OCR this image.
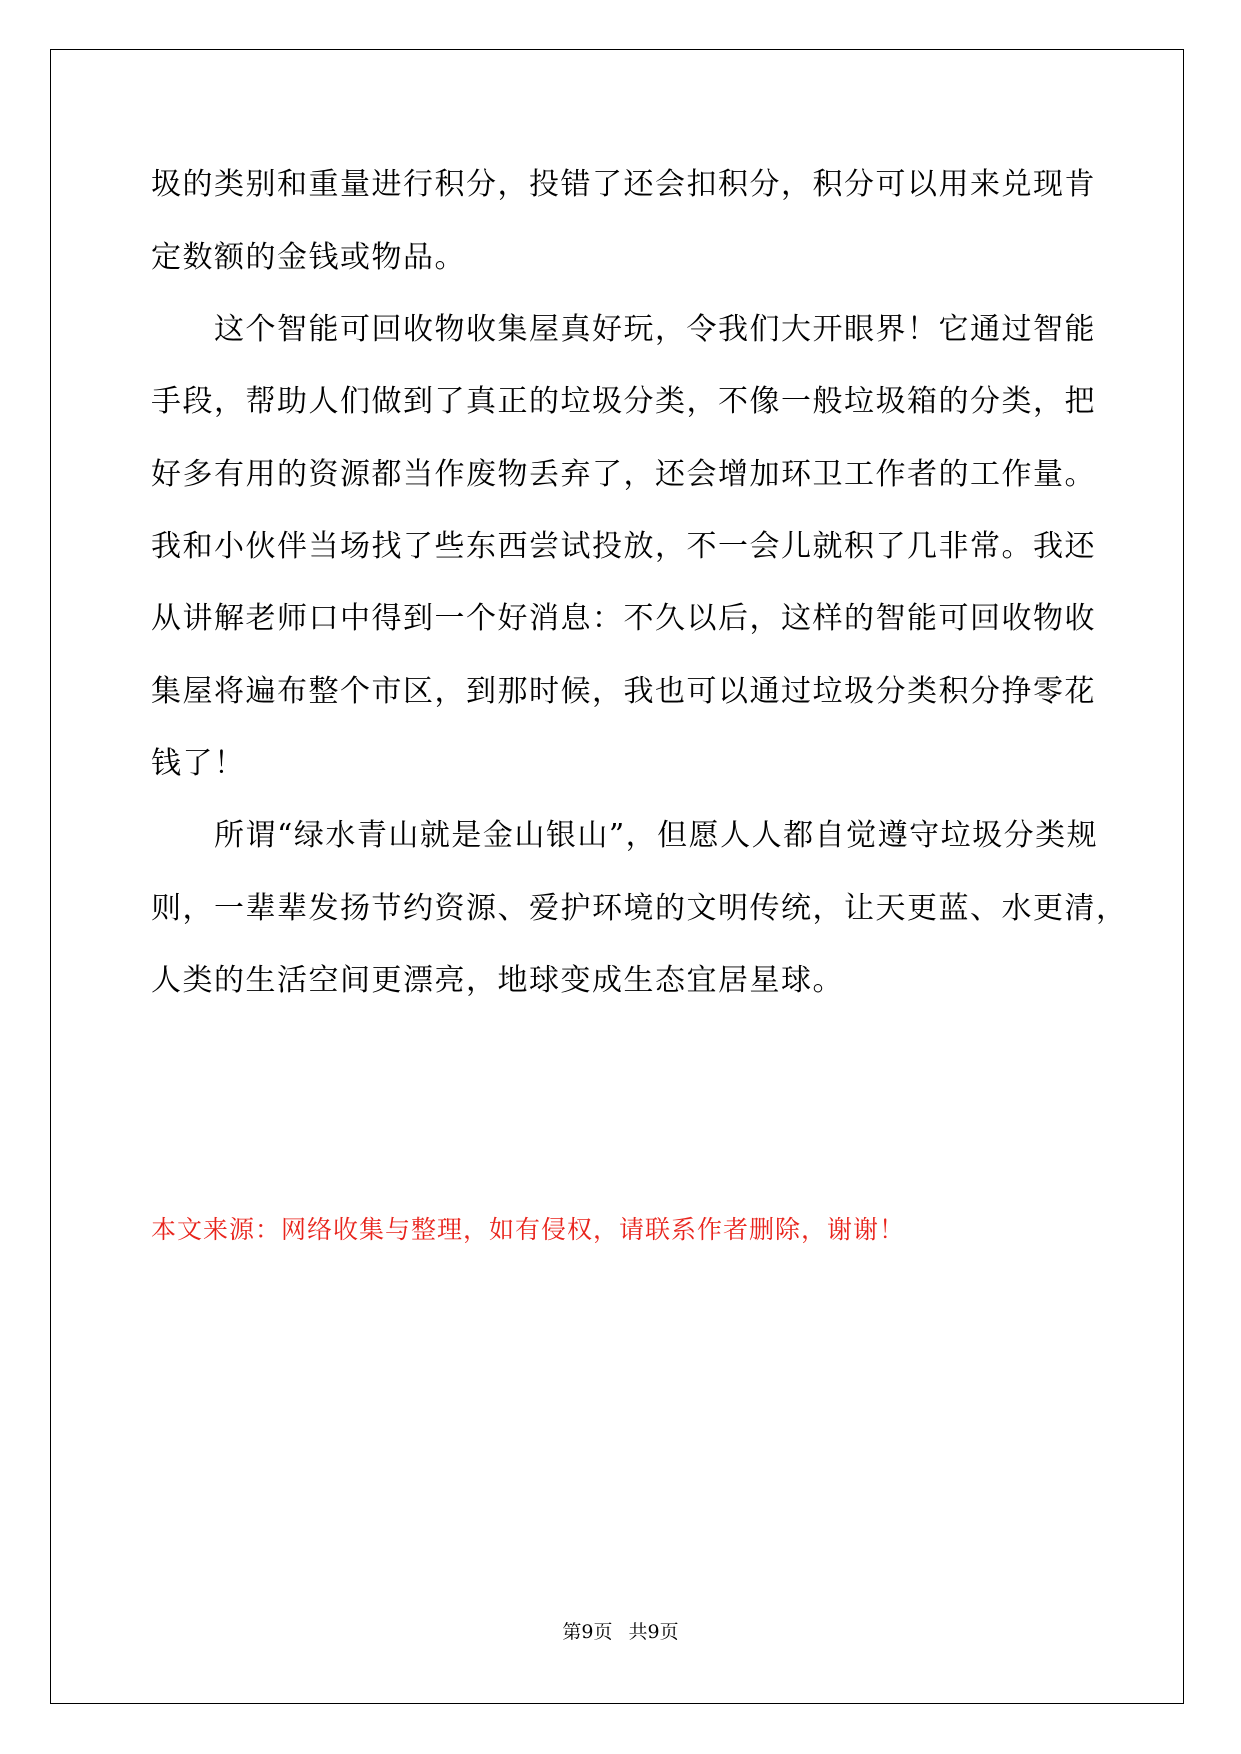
圾的类别和重量进行积分，投错了还会扣积分，积分可以用来兑现肯
定数额的金钱或物品。
　　这个智能可回收物收集屋真好玩，令我们大开眼界！它通过智能
手段，帮助人们做到了真正的垃圾分类，不像一般垃圾箱的分类，把
好多有用的资源都当作废物丢弃了，还会增加环卫工作者的工作量。
我和小伙伴当场找了些东西尝试投放，不一会儿就积了几非常。我还
从讲解老师口中得到一个好消息：不久以后，这样的智能可回收物收
集屋将遍布整个市区，到那时候，我也可以通过垃圾分类积分挣零花
钱了！
　　所谓“绿水青山就是金山银山”，但愿人人都自觉遵守垃圾分类规
则，一辈辈发扬节约资源、爱护环境的文明传统，让天更蓝、水更清，
人类的生活空间更漂亮，地球变成生态宜居星球。
本文来源：网络收集与整理，如有侵权，请联系作者删除，谢谢！
第9页 共9页
